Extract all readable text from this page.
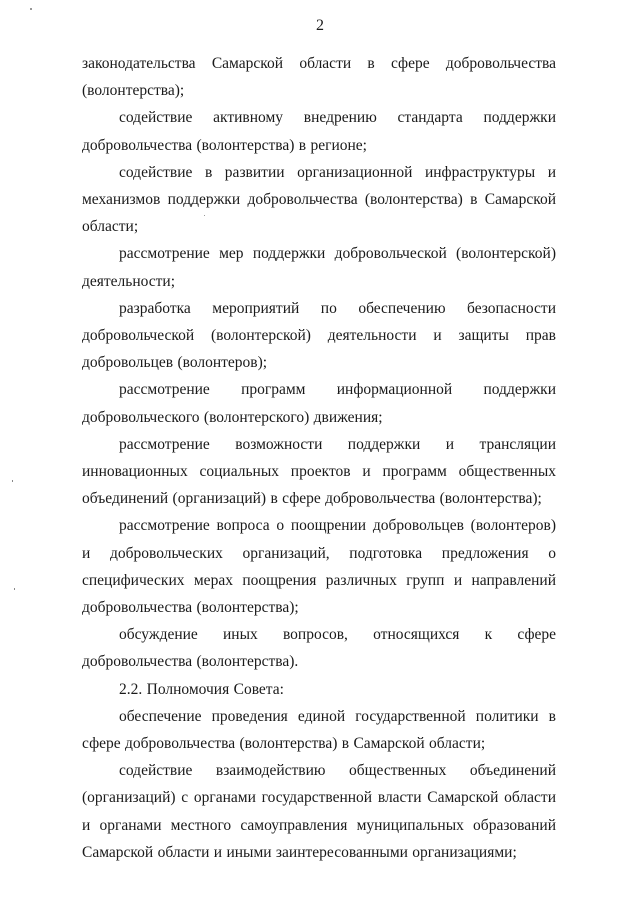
2

законодательства Самарской области в сфере добровольчества (волонтерства);

содействие активному внедрению стандарта поддержки добровольчества (волонтерства) в регионе;

содействие в развитии организационной инфраструктуры и механизмов поддержки добровольчества (волонтерства) в Самарской области;

рассмотрение мер поддержки добровольческой (волонтерской) деятельности;

разработка мероприятий по обеспечению безопасности добровольческой (волонтерской) деятельности и защиты прав добровольцев (волонтеров);

рассмотрение программ информационной поддержки добровольческого (волонтерского) движения;

рассмотрение возможности поддержки и трансляции инновационных социальных проектов и программ общественных объединений (организаций) в сфере добровольчества (волонтерства);

рассмотрение вопроса о поощрении добровольцев (волонтеров) и добровольческих организаций, подготовка предложения о специфических мерах поощрения различных групп и направлений добровольчества (волонтерства);

обсуждение иных вопросов, относящихся к сфере добровольчества (волонтерства).

2.2. Полномочия Совета:

обеспечение проведения единой государственной политики в сфере добровольчества (волонтерства) в Самарской области;

содействие взаимодействию общественных объединений (организаций) с органами государственной власти Самарской области и органами местного самоуправления муниципальных образований Самарской области и иными заинтересованными организациями;
